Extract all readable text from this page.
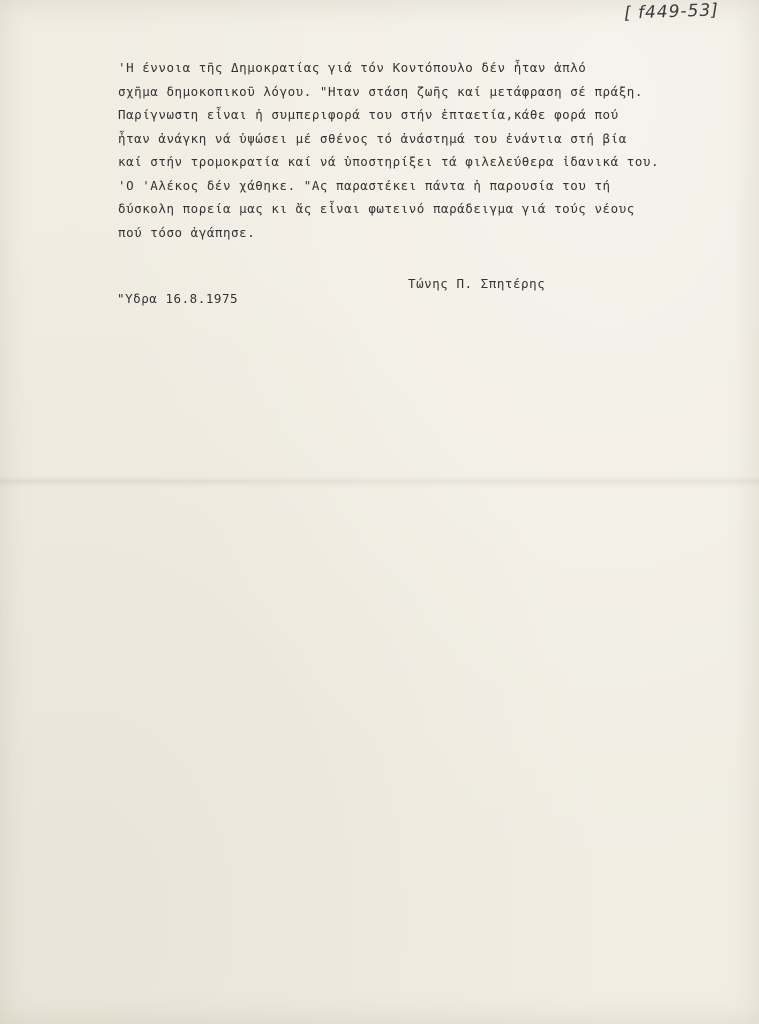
[ f449-53]
'Η έννοια τῆς Δημοκρατίας γιά τόν Κοντόπουλο δέν ἦταν ἁπλό
σχῆμα δημοκοπικοῦ λόγου. "Ηταν στάση ζωῆς καί μετάφραση σέ πράξη.
Παρίγνωστη εἶναι ἡ συμπεριφορά του στήν ἑπταετία,κάθε φορά πού
ἦταν ἀνάγκη νά ὑψώσει μέ σθένος τό ἀνάστημά του ἐνάντια στή βία
καί στήν τρομοκρατία καί νά ὑποστηρίξει τά φιλελεύθερα ἰδανικά του.
'Ο 'Αλέκος δέν χάθηκε. "Ας παραστέκει πάντα ἡ παρουσία του τή
δύσκολη πορεία μας κι ἄς εἶναι φωτεινό παράδειγμα γιά τούς νέους
πού τόσο ἀγάπησε.
Τώνης Π. Σπητέρης
"Υδρα 16.8.1975
